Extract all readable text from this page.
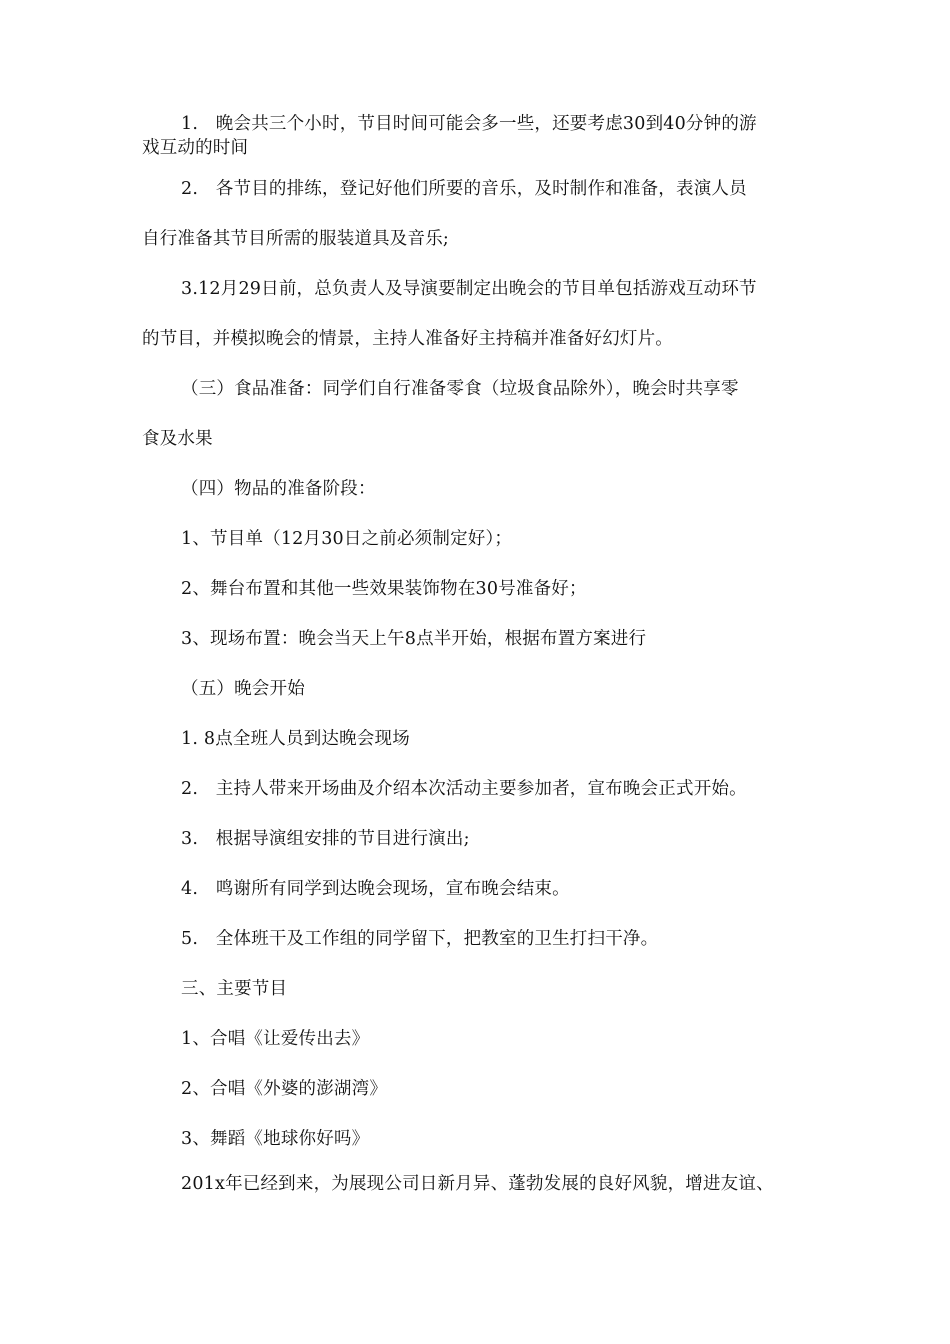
1.　晚会共三个小时，节目时间可能会多一些，还要考虑30到40分钟的游
戏互动的时间
2.　各节目的排练，登记好他们所要的音乐，及时制作和准备，表演人员
自行准备其节目所需的服装道具及音乐;
3.12月29日前，总负责人及导演要制定出晚会的节目单包括游戏互动环节
的节目，并模拟晚会的情景，主持人准备好主持稿并准备好幻灯片。
（三）食品准备：同学们自行准备零食（垃圾食品除外），晚会时共享零
食及水果
（四）物品的准备阶段：
1、节目单（12月30日之前必须制定好）；
2、舞台布置和其他一些效果装饰物在30号准备好；
3、现场布置：晚会当天上午8点半开始，根据布置方案进行
（五）晚会开始
1. 8点全班人员到达晚会现场
2.　主持人带来开场曲及介绍本次活动主要参加者，宣布晚会正式开始。
3.　根据导演组安排的节目进行演出;
4.　鸣谢所有同学到达晚会现场，宣布晚会结束。
5.　全体班干及工作组的同学留下，把教室的卫生打扫干净。
三、主要节目
1、合唱《让爱传出去》
2、合唱《外婆的澎湖湾》
3、舞蹈《地球你好吗》
201x年已经到来，为展现公司日新月异、蓬勃发展的良好风貌，增进友谊、
